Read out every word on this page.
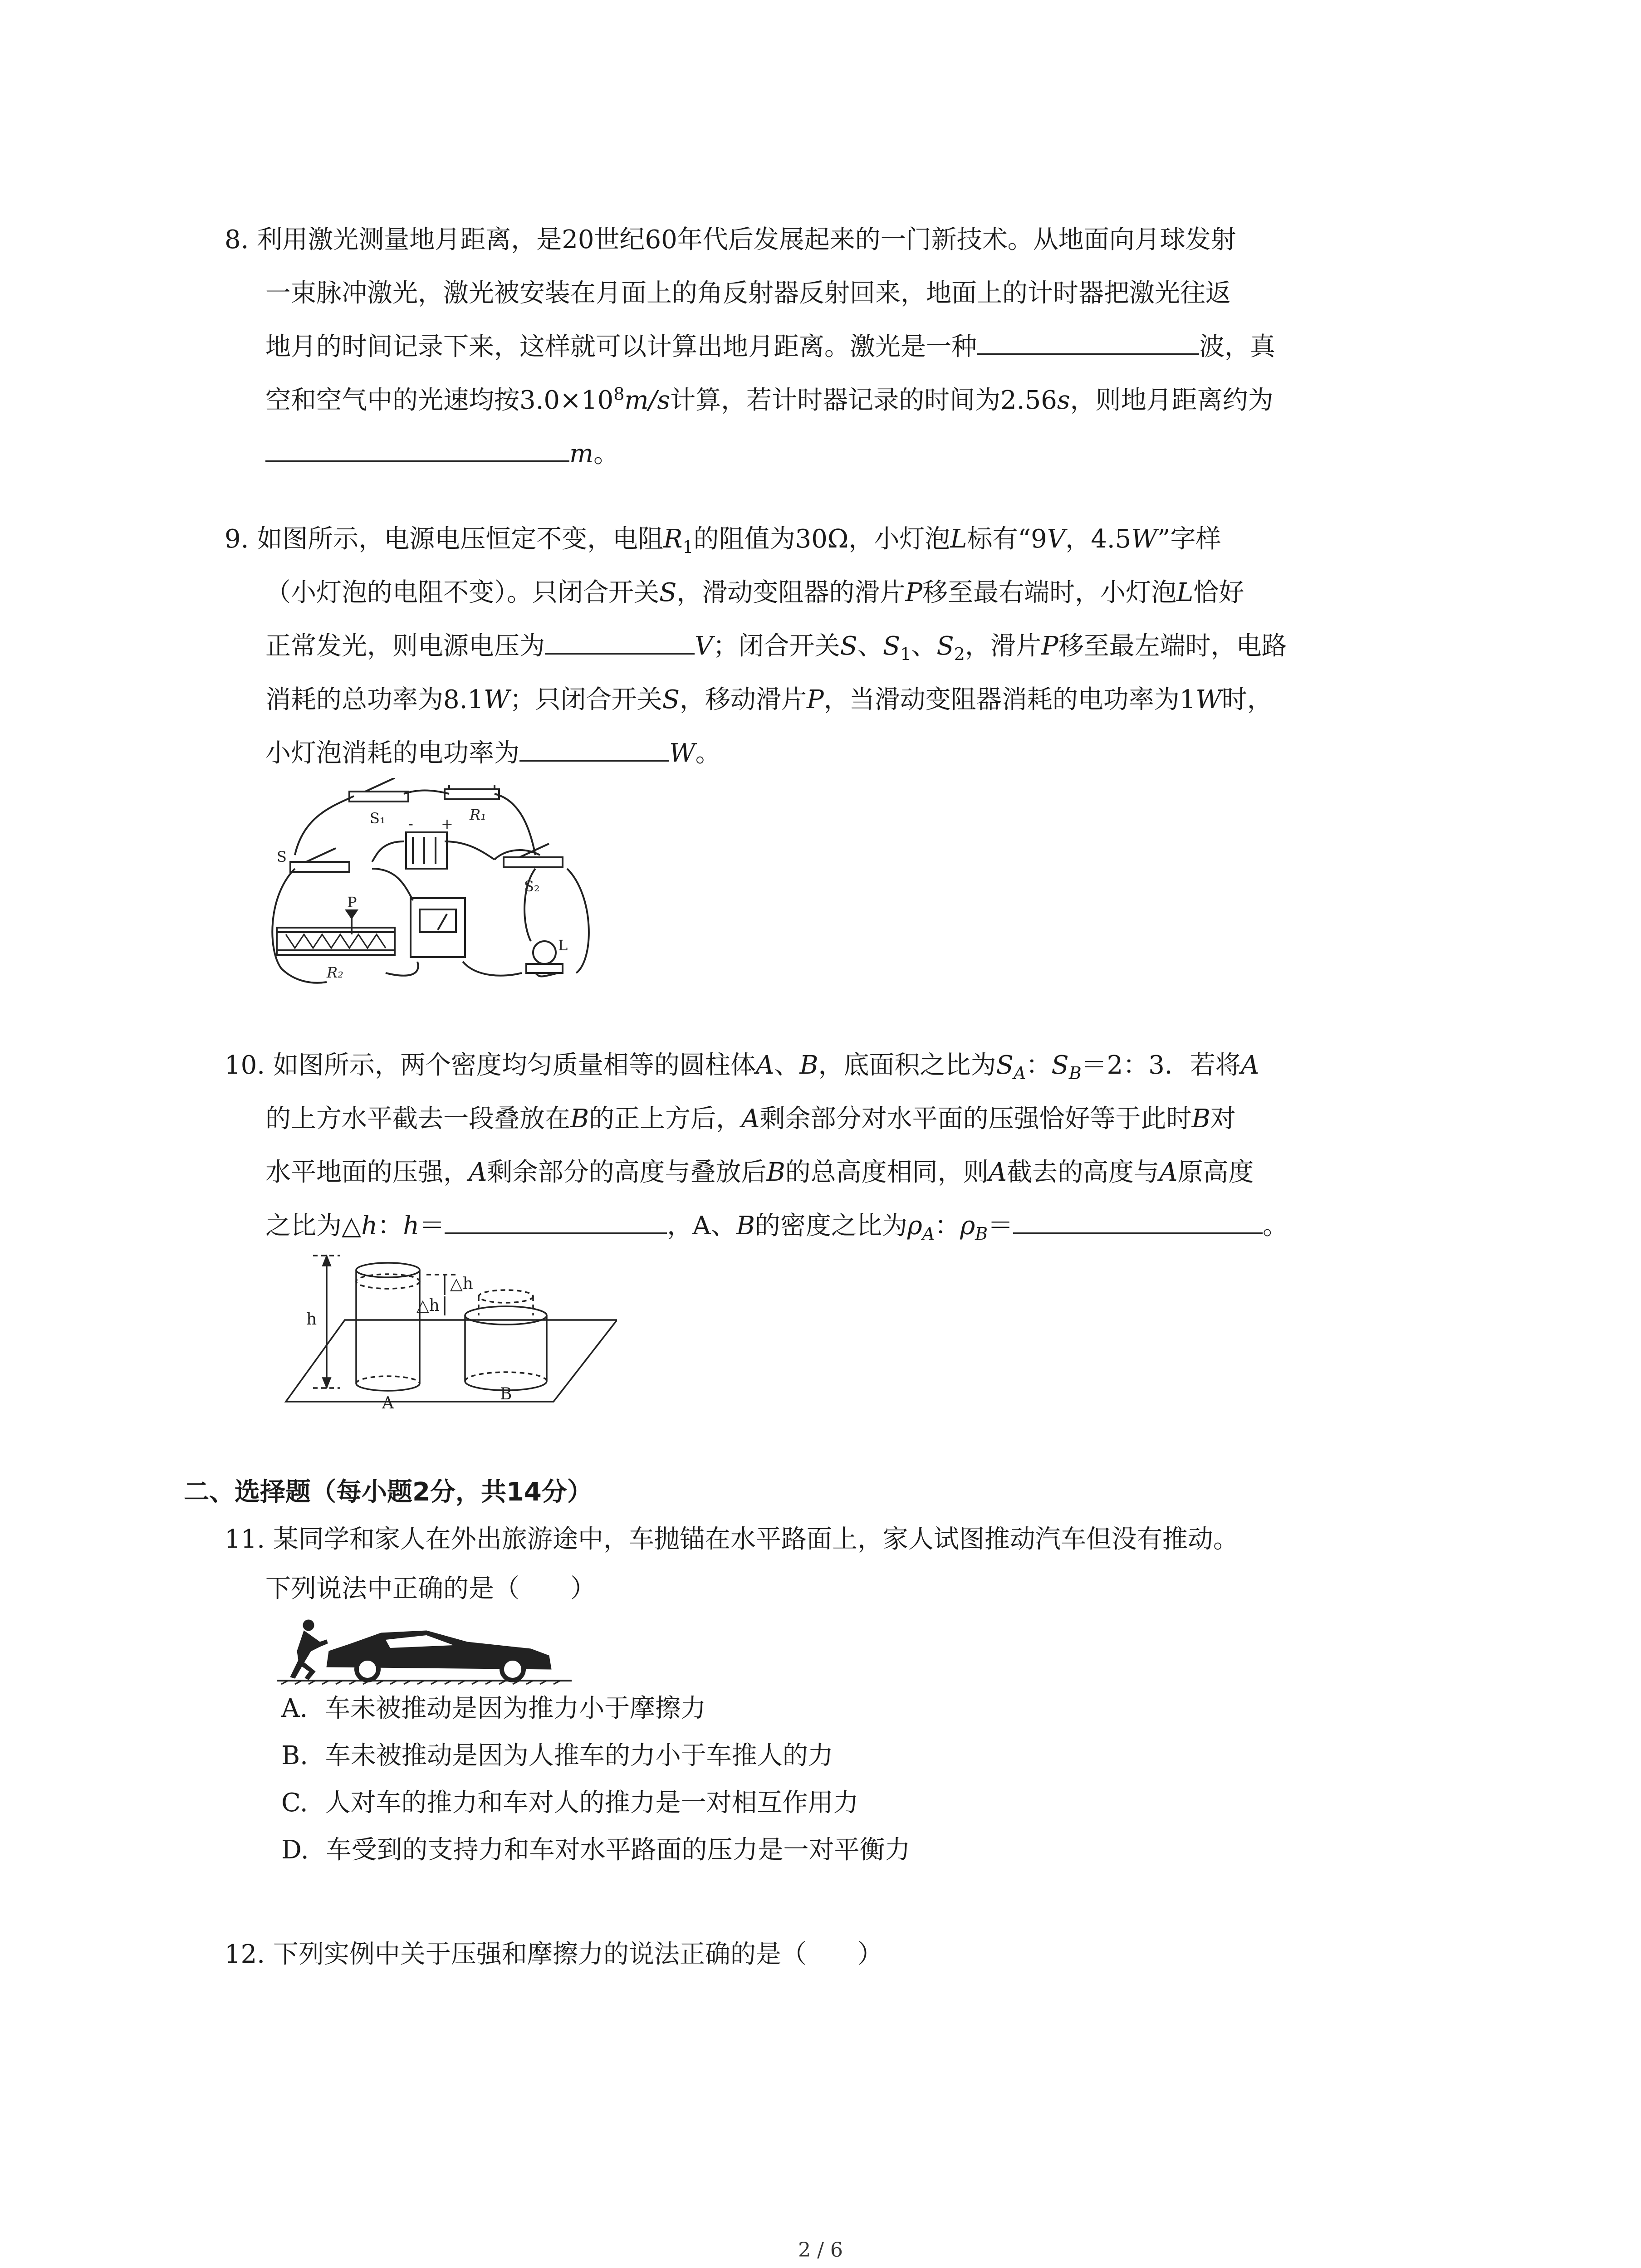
8. 利用激光测量地月距离，是20世纪60年代后发展起来的一门新技术。从地面向月球发射
一束脉冲激光，激光被安装在月面上的角反射器反射回来，地面上的计时器把激光往返
地月的时间记录下来，这样就可以计算出地月距离。激光是一种	波，真
空和空气中的光速均按$3.0\times 10^8m/s$计算，若计时器记录的时间为2.56s，则地月距离约为
m。
9. 如图所示，电源电压恒定不变，电阻$R_1$的阻值为30Ω，小灯泡L标有“9V，4.5W”字样
（小灯泡的电阻不变）。只闭合开关S，滑动变阻器的滑片P移至最右端时，小灯泡L恰好
正常发光，则电源电压为	V；闭合开关S、$S_1$、$S_2$，滑片P移至最左端时，电路
消耗的总功率为8.1W；只闭合开关S，移动滑片P，当滑动变阻器消耗的电功率为1W时，
小灯泡消耗的电功率为	W。
S₁	R₁
- +
S
S₂
P
R₂
L
10. 如图所示，两个密度均匀质量相等的圆柱体A、B，底面积之比为$S_A$：$S_B=2$：3．若将A
的上方水平截去一段叠放在B的正上方后，A剩余部分对水平面的压强恰好等于此时B对
水平地面的压强，A剩余部分的高度与叠放后B的总高度相同，则A截去的高度与A原高度
之比为△h：h＝	，A、B的密度之比为$\rho_A$：$\rho_B=$	。
h
△h
△h
A	B
二、选择题（每小题2分，共14分）
11. 某同学和家人在外出旅游途中，车抛锚在水平路面上，家人试图推动汽车但没有推动。
下列说法中正确的是（　　）
A. 车未被推动是因为推力小于摩擦力
B. 车未被推动是因为人推车的力小于车推人的力
C. 人对车的推力和车对人的推力是一对相互作用力
D. 车受到的支持力和车对水平路面的压力是一对平衡力
12. 下列实例中关于压强和摩擦力的说法正确的是（　　）
2 / 6
